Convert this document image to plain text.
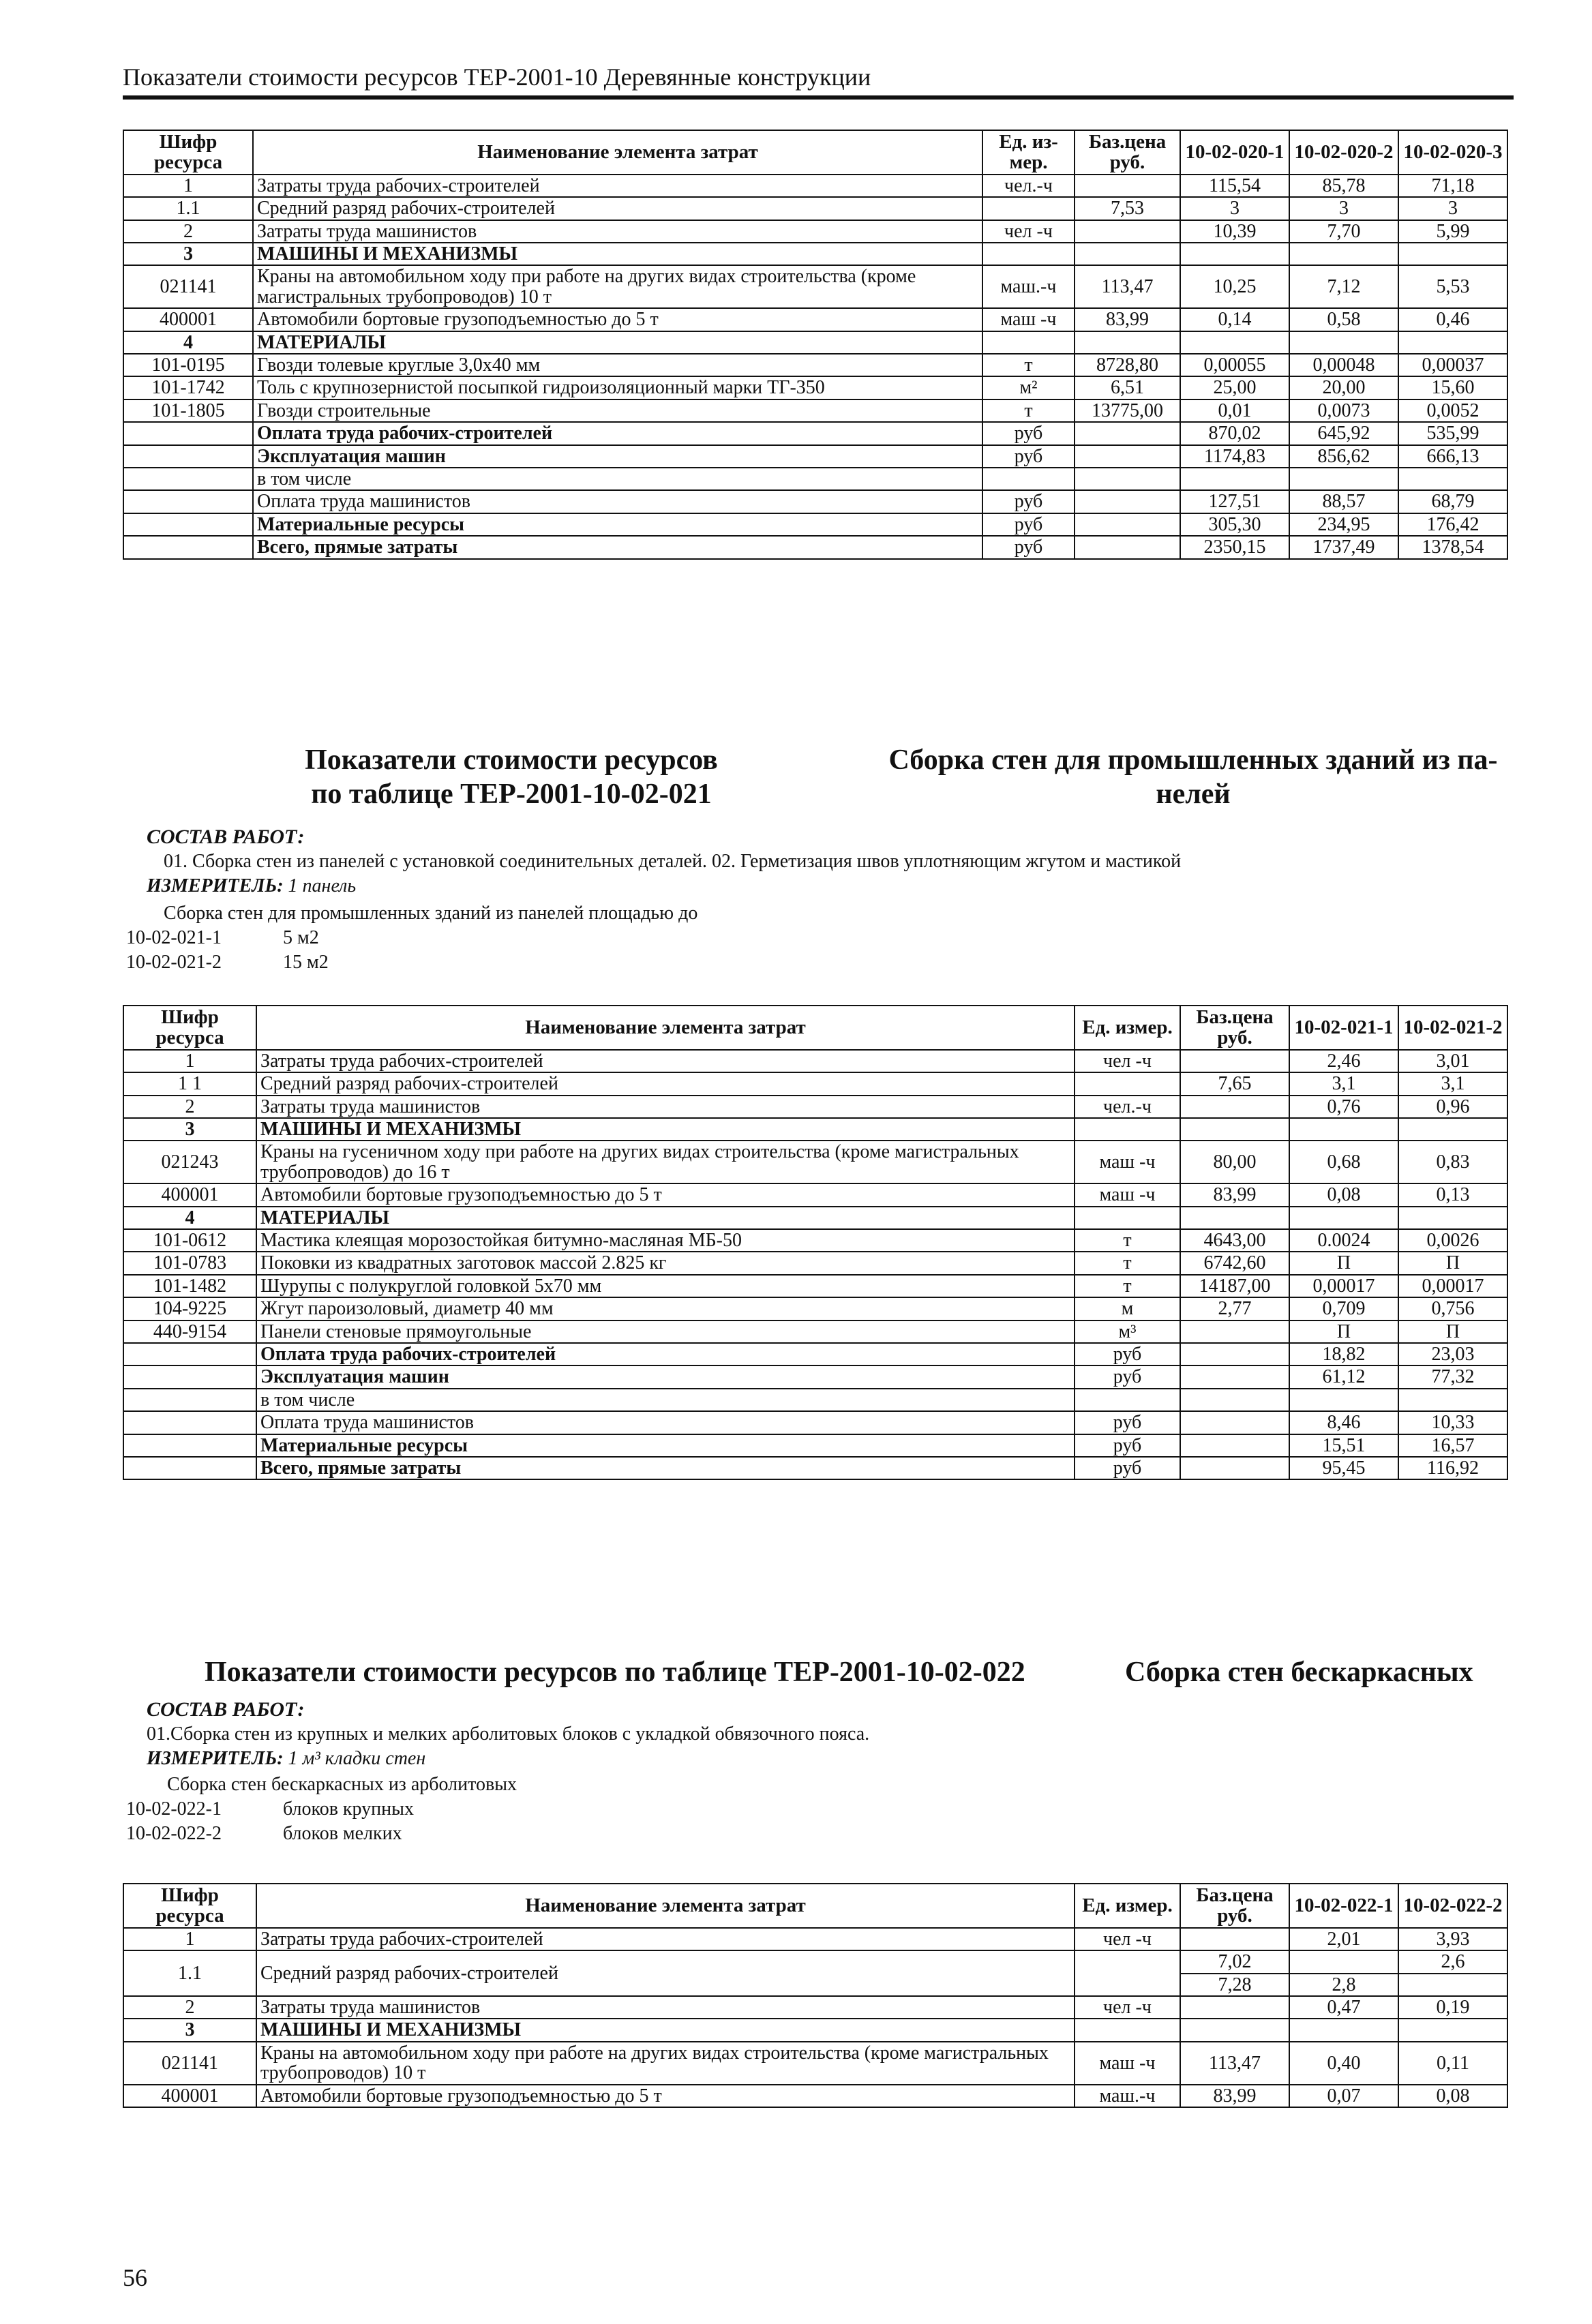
Показатели стоимости ресурсов ТЕР-2001-10 Деревянные конструкции
Шифр ресурса	Наименование элемента затрат	Ед. из-мер.	Баз.цена руб.	10-02-020-1	10-02-020-2	10-02-020-3
1	Затраты труда рабочих-строителей	чел.-ч		115,54	85,78	71,18
1.1	Средний разряд рабочих-строителей		7,53	3	3	3
2	Затраты труда машинистов	чел -ч		10,39	7,70	5,99
3	МАШИНЫ И МЕХАНИЗМЫ					
021141	Краны на автомобильном ходу при работе на других видах строительства (кроме магистральных трубопроводов) 10 т	маш.-ч	113,47	10,25	7,12	5,53
400001	Автомобили бортовые грузоподъемностью до 5 т	маш -ч	83,99	0,14	0,58	0,46
4	МАТЕРИАЛЫ					
101-0195	Гвозди толевые круглые 3,0х40 мм	т	8728,80	0,00055	0,00048	0,00037
101-1742	Толь с крупнозернистой посыпкой гидроизоляционный марки ТГ-350	м²	6,51	25,00	20,00	15,60
101-1805	Гвозди строительные	т	13775,00	0,01	0,0073	0,0052
	Оплата труда рабочих-строителей	руб		870,02	645,92	535,99
	Эксплуатация машин	руб		1174,83	856,62	666,13
	в том числе					
	Оплата труда машинистов	руб		127,51	88,57	68,79
	Материальные ресурсы	руб		305,30	234,95	176,42
	Всего, прямые затраты	руб		2350,15	1737,49	1378,54
Показатели стоимости ресурсов
по таблице ТЕР-2001-10-02-021
Сборка стен для промышленных зданий из па-
нелей
СОСТАВ РАБОТ:
01. Сборка стен из панелей с установкой соединительных деталей. 02. Герметизация швов уплотняющим жгутом и мастикой
ИЗМЕРИТЕЛЬ: 1 панель
Сборка стен для промышленных зданий из панелей площадью до
10-02-021-1	5 м2
10-02-021-2	15 м2
Шифр ресурса	Наименование элемента затрат	Ед. измер.	Баз.цена руб.	10-02-021-1	10-02-021-2
1	Затраты труда рабочих-строителей	чел -ч		2,46	3,01
1 1	Средний разряд рабочих-строителей		7,65	3,1	3,1
2	Затраты труда машинистов	чел.-ч		0,76	0,96
3	МАШИНЫ И МЕХАНИЗМЫ				
021243	Краны на гусеничном ходу при работе на других видах строительства (кроме магистральных трубопроводов) до 16 т	маш -ч	80,00	0,68	0,83
400001	Автомобили бортовые грузоподъемностью до 5 т	маш -ч	83,99	0,08	0,13
4	МАТЕРИАЛЫ				
101-0612	Мастика клеящая морозостойкая битумно-масляная МБ-50	т	4643,00	0.0024	0,0026
101-0783	Поковки из квадратных заготовок массой 2.825 кг	т	6742,60	П	П
101-1482	Шурупы с полукруглой головкой 5х70 мм	т	14187,00	0,00017	0,00017
104-9225	Жгут пароизоловый, диаметр 40 мм	м	2,77	0,709	0,756
440-9154	Панели стеновые прямоугольные	м³		П	П
	Оплата труда рабочих-строителей	руб		18,82	23,03
	Эксплуатация машин	руб		61,12	77,32
	в том числе				
	Оплата труда машинистов	руб		8,46	10,33
	Материальные ресурсы	руб		15,51	16,57
	Всего, прямые затраты	руб		95,45	116,92
Показатели стоимости ресурсов по таблице ТЕР-2001-10-02-022	Сборка стен бескаркасных
СОСТАВ РАБОТ:
01.Сборка стен из крупных и мелких арболитовых блоков с укладкой обвязочного пояса.
ИЗМЕРИТЕЛЬ: 1 м³ кладки стен
Сборка стен бескаркасных из арболитовых
10-02-022-1	блоков крупных
10-02-022-2	блоков мелких
Шифр ресурса	Наименование элемента затрат	Ед. измер.	Баз.цена руб.	10-02-022-1	10-02-022-2
1	Затраты труда рабочих-строителей	чел -ч		2,01	3,93
1.1	Средний разряд рабочих-строителей		7,02		2,6
			7,28	2,8	
2	Затраты труда машинистов	чел -ч		0,47	0,19
3	МАШИНЫ И МЕХАНИЗМЫ				
021141	Краны на автомобильном ходу при работе на других видах строительства (кроме магистральных трубопроводов) 10 т	маш -ч	113,47	0,40	0,11
400001	Автомобили бортовые грузоподъемностью до 5 т	маш.-ч	83,99	0,07	0,08
56
